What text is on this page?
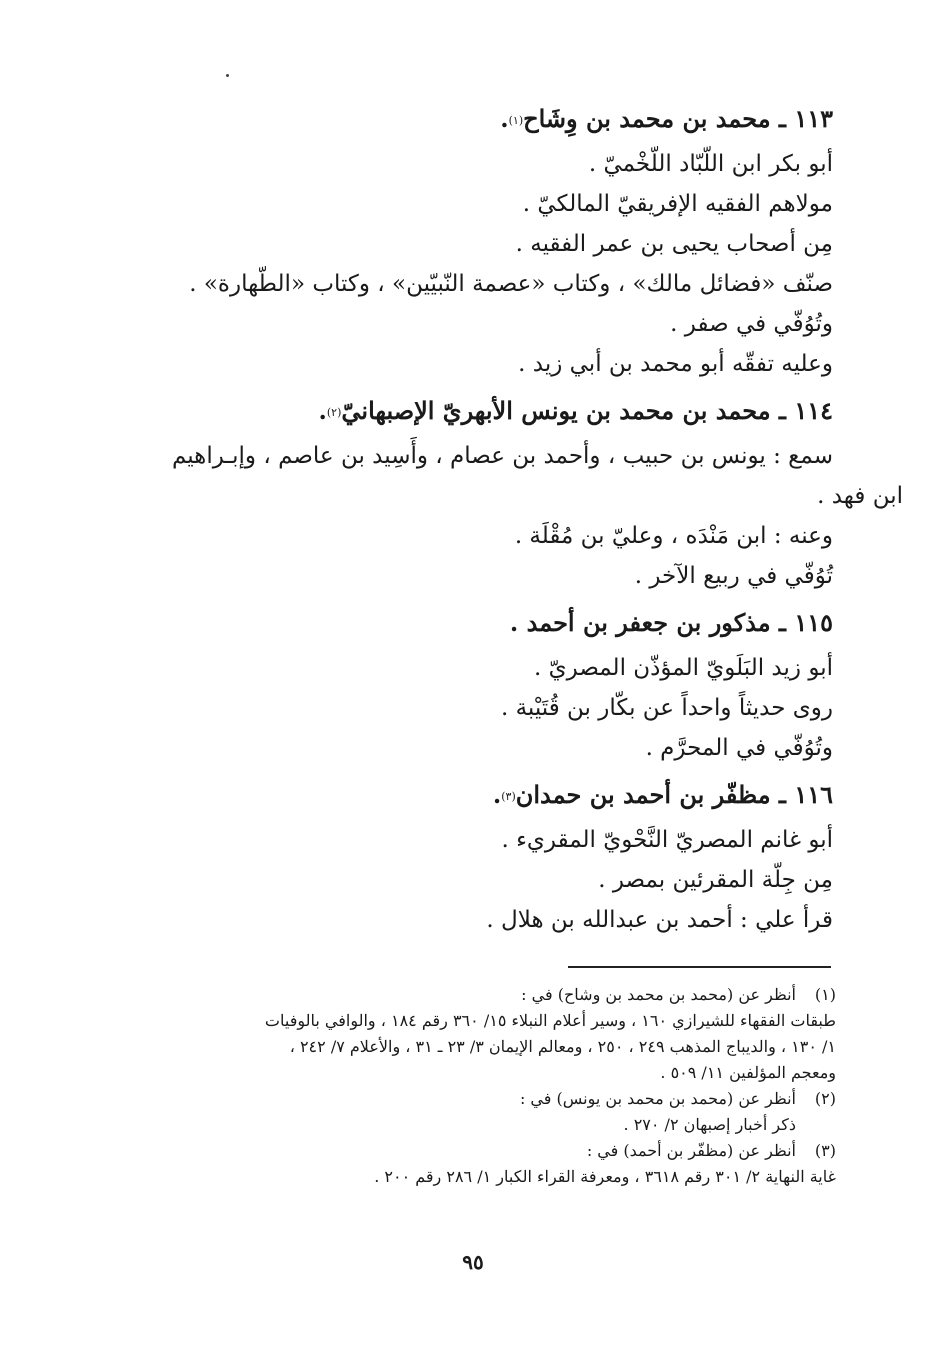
١١٣ ـ محمد بن محمد بن وِشَاح$^{(١)}$.
أبو بكر ابن اللّبّاد اللّخْميّ .
مولاهم الفقيه الإفريقيّ المالكيّ .
مِن أصحاب يحيى بن عمر الفقيه .
صنّف «فضائل مالك» ، وكتاب «عصمة النّبيّين» ، وكتاب «الطّهارة» .
وتُوُفّي في صفر .
وعليه تفقّه أبو محمد بن أبي زيد .
١١٤ ـ محمد بن محمد بن يونس الأبهريّ الإصبهانيّ$^{(٢)}$.
سمع : يونس بن حبيب ، وأحمد بن عصام ، وأَسِيد بن عاصم ، وإبـراهيم
ابن فهد .
وعنه : ابن مَنْدَه ، وعليّ بن مُقْلَة .
تُوُفّي في ربيع الآخر .
١١٥ ـ مذكور بن جعفر بن أحمد .
أبو زيد البَلَويّ المؤذّن المصريّ .
روى حديثاً واحداً عن بكّار بن قُتَيْبة .
وتُوُفّي في المحرَّم .
١١٦ ـ مظفّر بن أحمد بن حمدان$^{(٣)}$.
أبو غانم المصريّ النَّحْويّ المقريء .
مِن جِلّة المقرئين بمصر .
قرأ علي : أحمد بن عبدالله بن هلال .
(١)
أنظر عن (محمد بن محمد بن وشاح) في :
طبقات الفقهاء للشيرازي ١٦٠ ، وسير أعلام النبلاء ١٥/ ٣٦٠ رقم ١٨٤ ، والوافي بالوفيات
١/ ١٣٠ ، والديباج المذهب ٢٤٩ ، ٢٥٠ ، ومعالم الإيمان ٣/ ٢٣ ـ ٣١ ، والأعلام ٧/ ٢٤٢ ،
ومعجم المؤلفين ١١/ ٥٠٩ .
(٢)
أنظر عن (محمد بن محمد بن يونس) في :
ذكر أخبار إصبهان ٢/ ٢٧٠ .
(٣)
أنظر عن (مظفّر بن أحمد) في :
غاية النهاية ٢/ ٣٠١ رقم ٣٦١٨ ، ومعرفة القراء الكبار ١/ ٢٨٦ رقم ٢٠٠ .
٩٥
